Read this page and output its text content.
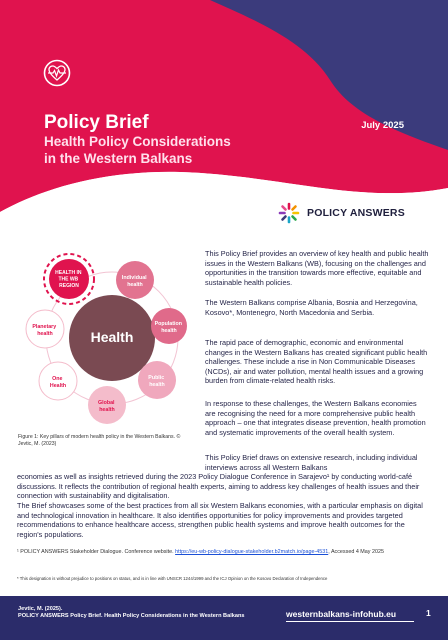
Policy Brief
Health Policy Considerations
in the Western Balkans
July 2025
POLICY ANSWERS
Health
HEALTH IN THE WB REGION
Individual health
Population health
Public health
Global health
One Health
Planetary health
Figure 1: Key pillars of modern health policy in the Western Balkans. © Jevtic, M. (2023)

This Policy Brief provides an overview of key health and public health issues in the Western Balkans (WB), focusing on the challenges and opportunities in the transition towards more effective, equitable and sustainable health policies.

The Western Balkans comprise Albania, Bosnia and Herzegovina, Kosovo*, Montenegro, North Macedonia and Serbia.

The rapid pace of demographic, economic and environmental changes in the Western Balkans has created significant public health challenges. These include a rise in Non Communicable Diseases (NCDs), air and water pollution, mental health issues and a growing burden from climate-related health risks.

In response to these challenges, the Western Balkans economies are recognising the need for a more comprehensive public health approach – one that integrates disease prevention, health promotion and systematic improvements of the overall health system.

This Policy Brief draws on extensive research, including individual interviews across all Western Balkans
economies as well as insights retrieved during the 2023 Policy Dialogue Conference in Sarajevo¹ by conducting world-café discussions. It reflects the contribution of regional health experts, aiming to address key challenges of health issues and their connection with sustainability and digitalisation.

The Brief showcases some of the best practices from all six Western Balkans economies, with a particular emphasis on digital and technological innovation in healthcare. It also identifies opportunities for policy improvements and provides targeted recommendations to enhance healthcare access, strengthen public health systems and improve health outcomes for the region's populations.

¹ POLICY ANSWERS Stakeholder Dialogue. Conference website. https://eu-wb-policy-dialogue-stakeholder.b2match.io/page-4531, Accessed 4 May 2025
* This designation is without prejudice to positions on status, and is in line with UNSCR 1244/1999 and the ICJ Opinion on the Kosovo Declaration of Independence
Jevtic, M. (2025).
POLICY ANSWERS Policy Brief. Health Policy Considerations in the Western Balkans	westernbalkans-infohub.eu	1
